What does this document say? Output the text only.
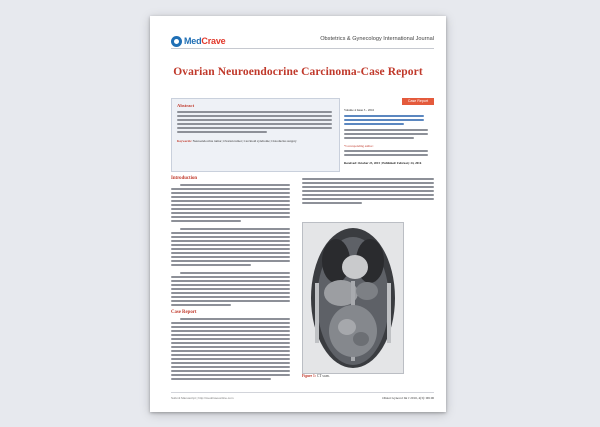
MedCrave	Obstetrics & Gynecology International Journal
Ovarian Neuroendocrine Carcinoma-Case Report
Abstract
Keywords: Neuroendocrine tumor; Ovarian tumor; Carcinoid syndrome; Cistoductus surgery
Case Report
Volume 4 Issue 3 - 2016
*Corresponding author:
Received: October 23, 2015 | Published: February 24, 2016
Introduction
Case Report
Figure 1: CT scan.
Submit Manuscript | http://medcraveonline.com	Obstet Gynecol Int J 2016, 4(3): 00106
